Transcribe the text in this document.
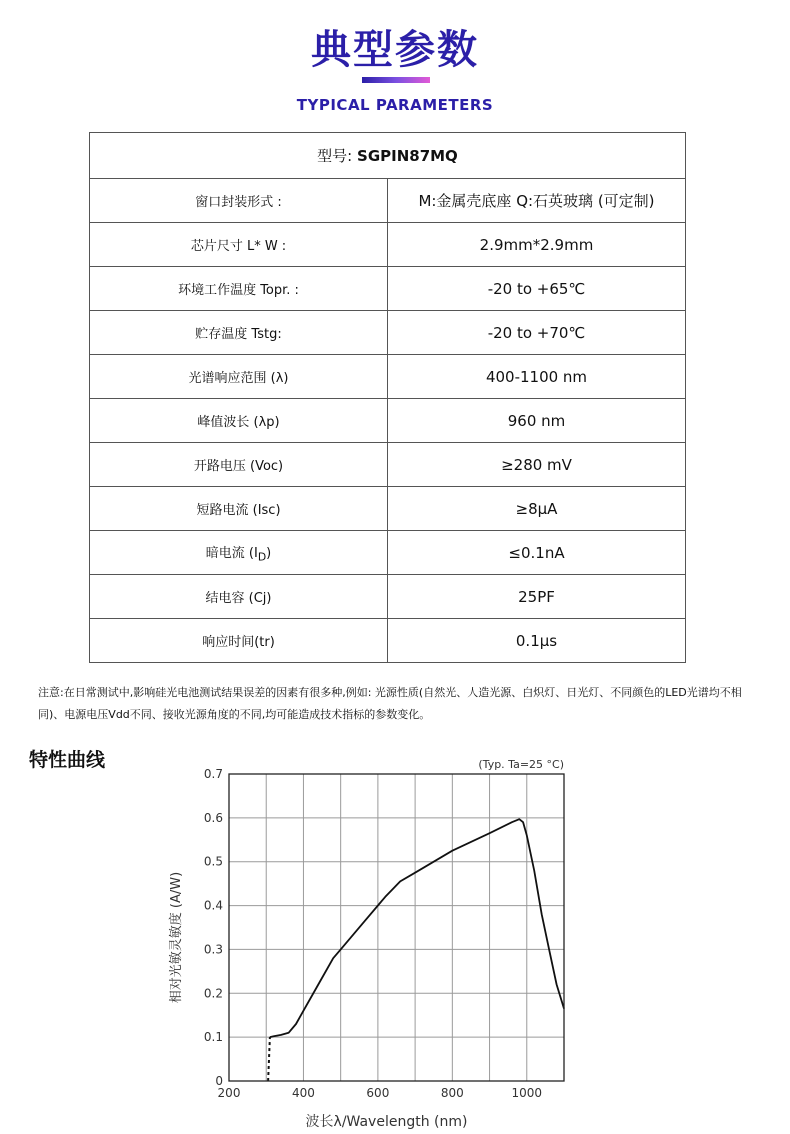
典型参数
TYPICAL PARAMETERS
型号: SGPIN87MQ	
窗口封装形式 :	M:金属壳底座 Q:石英玻璃 (可定制)
芯片尺寸 L* W :	2.9mm*2.9mm
环境工作温度 Topr. :	-20 to +65℃
贮存温度 Tstg:	-20 to +70℃
光谱响应范围 (λ)	400-1100 nm
峰值波长 (λp)	960 nm
开路电压 (Voc)	≥280 mV
短路电流 (Isc)	≥8μA
暗电流 $(I_D)$	≤0.1nA
结电容 (Cj)	25PF
响应时间(tr)	0.1μs
注意:在日常测试中,影响硅光电池测试结果误差的因素有很多种,例如: 光源性质(自然光、人造光源、白炽灯、日光灯、不同颜色的LED光谱均不相同)、电源电压Vdd不同、接收光源角度的不同,均可能造成技术指标的参数变化。
特性曲线
200	400	600	800	1000
0
0.1
0.2
0.3
0.4
0.5
0.6
0.7
(Typ. Ta=25 °C)
波长λ/Wavelength (nm)
相对光敏灵敏度 (A/W)
